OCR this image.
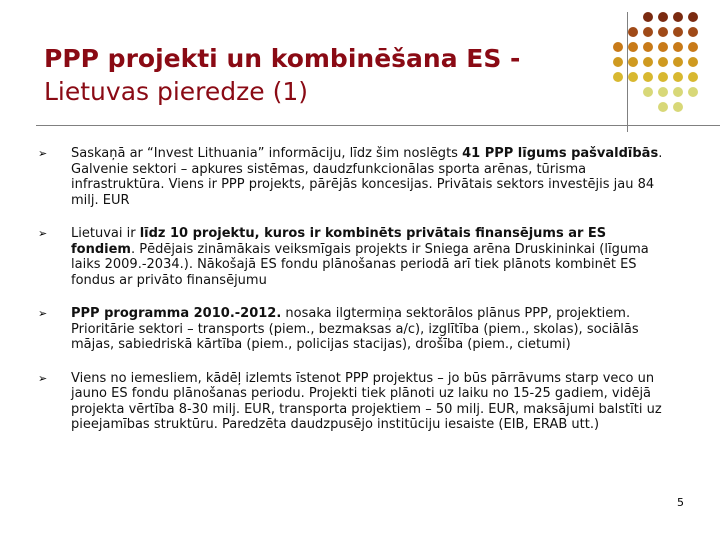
PPP projekti un kombinēšana ES -
Lietuvas pieredze (1)
➢ Saskaņā ar “Invest Lithuania” informāciju, līdz šim noslēgts 41 PPP līgums pašvaldībās. Galvenie sektori – apkures sistēmas, daudzfunkcionālas sporta arēnas, tūrisma infrastruktūra. Viens ir PPP projekts, pārējās koncesijas. Privātais sektors investējis jau 84 milj. EUR
➢ Lietuvai ir līdz 10 projektu, kuros ir kombinēts privātais finansējums ar ES fondiem. Pēdējais zināmākais veiksmīgais projekts ir Sniega arēna Druskininkai (līguma laiks 2009.-2034.). Nākošajā ES fondu plānošanas periodā arī tiek plānots kombinēt ES fondus ar privāto finansējumu
➢ PPP programma 2010.-2012. nosaka ilgtermiņa sektorālos plānus PPP, projektiem. Prioritārie sektori – transports (piem., bezmaksas a/c), izglītība (piem., skolas), sociālās mājas, sabiedriskā kārtība (piem., policijas stacijas), drošība (piem., cietumi)
➢ Viens no iemesliem, kādēļ izlemts īstenot PPP projektus – jo būs pārrāvums starp veco un jauno ES fondu plānošanas periodu. Projekti tiek plānoti uz laiku no 15-25 gadiem, vidējā projekta vērtība 8-30 milj. EUR, transporta projektiem – 50 milj. EUR, maksājumi balstīti uz pieejamības struktūru. Paredzēta daudzpusējo institūciju iesaiste (EIB, ERAB utt.)
5
